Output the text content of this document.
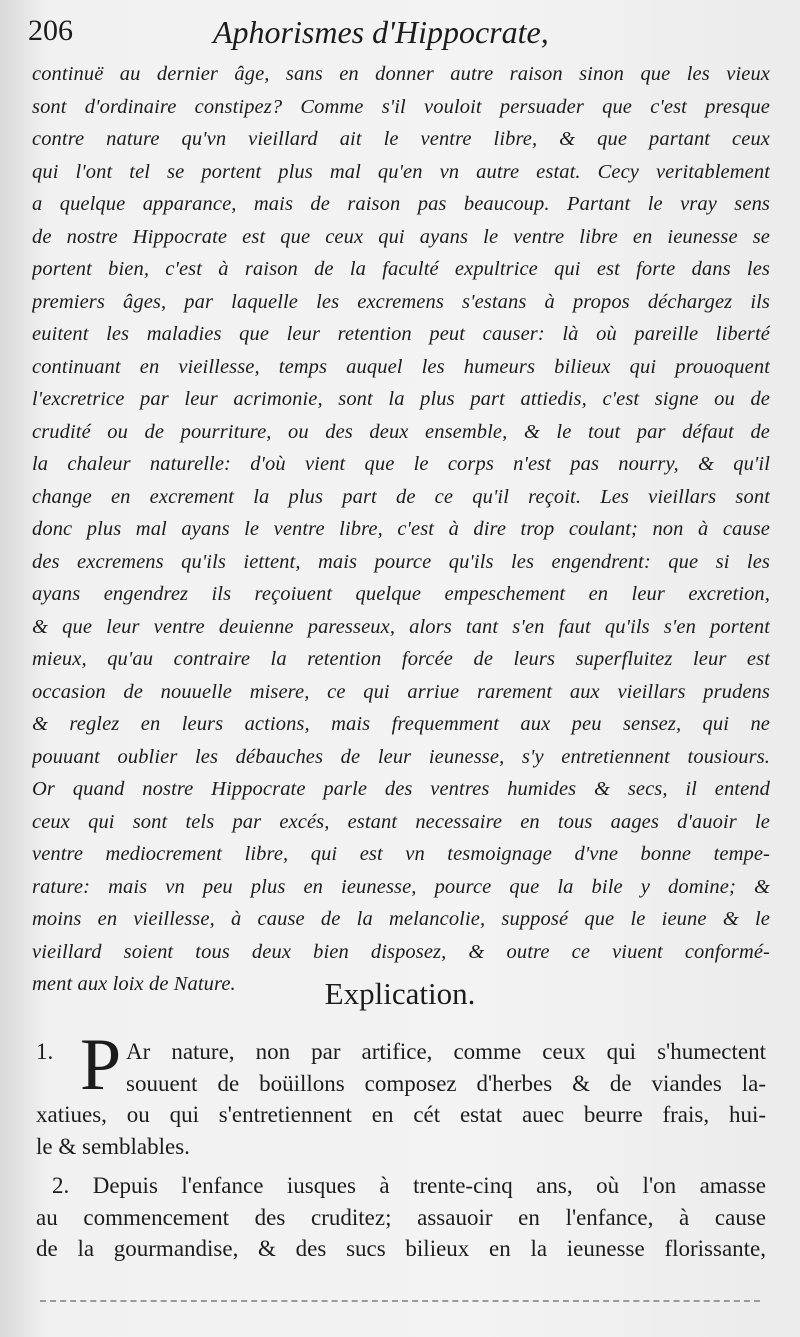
206	Aphorismes d'Hippocrate,
continuë au dernier âge, sans en donner autre raison sinon que les vieux
sont d'ordinaire constipez? Comme s'il vouloit persuader que c'est presque
contre nature qu'vn vieillard ait le ventre libre, & que partant ceux
qui l'ont tel se portent plus mal qu'en vn autre estat. Cecy veritablement
a quelque apparance, mais de raison pas beaucoup. Partant le vray sens
de nostre Hippocrate est que ceux qui ayans le ventre libre en ieunesse se
portent bien, c'est à raison de la faculté expultrice qui est forte dans les
premiers âges, par laquelle les excremens s'estans à propos déchargez ils
euitent les maladies que leur retention peut causer: là où pareille liberté
continuant en vieillesse, temps auquel les humeurs bilieux qui prouoquent
l'excretrice par leur acrimonie, sont la plus part attiedis, c'est signe ou de
crudité ou de pourriture, ou des deux ensemble, & le tout par défaut de
la chaleur naturelle: d'où vient que le corps n'est pas nourry, & qu'il
change en excrement la plus part de ce qu'il reçoit. Les vieillars sont
donc plus mal ayans le ventre libre, c'est à dire trop coulant; non à cause
des excremens qu'ils iettent, mais pource qu'ils les engendrent: que si les
ayans engendrez ils reçoiuent quelque empeschement en leur excretion,
& que leur ventre deuienne paresseux, alors tant s'en faut qu'ils s'en portent
mieux, qu'au contraire la retention forcée de leurs superfluitez leur est
occasion de nouuelle misere, ce qui arriue rarement aux vieillars prudens
& reglez en leurs actions, mais frequemment aux peu sensez, qui ne
pouuant oublier les débauches de leur ieunesse, s'y entretiennent tousiours.
Or quand nostre Hippocrate parle des ventres humides & secs, il entend
ceux qui sont tels par excés, estant necessaire en tous aages d'auoir le
ventre mediocrement libre, qui est vn tesmoignage d'vne bonne tempe-
rature: mais vn peu plus en ieunesse, pource que la bile y domine; &
moins en vieillesse, à cause de la melancolie, supposé que le ieune & le
vieillard soient tous deux bien disposez, & outre ce viuent conformé-
ment aux loix de Nature.	Explication.
1. P Ar nature, non par artifice, comme ceux qui s'humectent
souuent de boüillons composez d'herbes & de viandes la-
xatiues, ou qui s'entretiennent en cét estat auec beurre frais, hui-
le & semblables.
2. Depuis l'enfance iusques à trente-cinq ans, où l'on amasse
au commencement des cruditez; assauoir en l'enfance, à cause
de la gourmandise, & des sucs bilieux en la ieunesse florissante,
